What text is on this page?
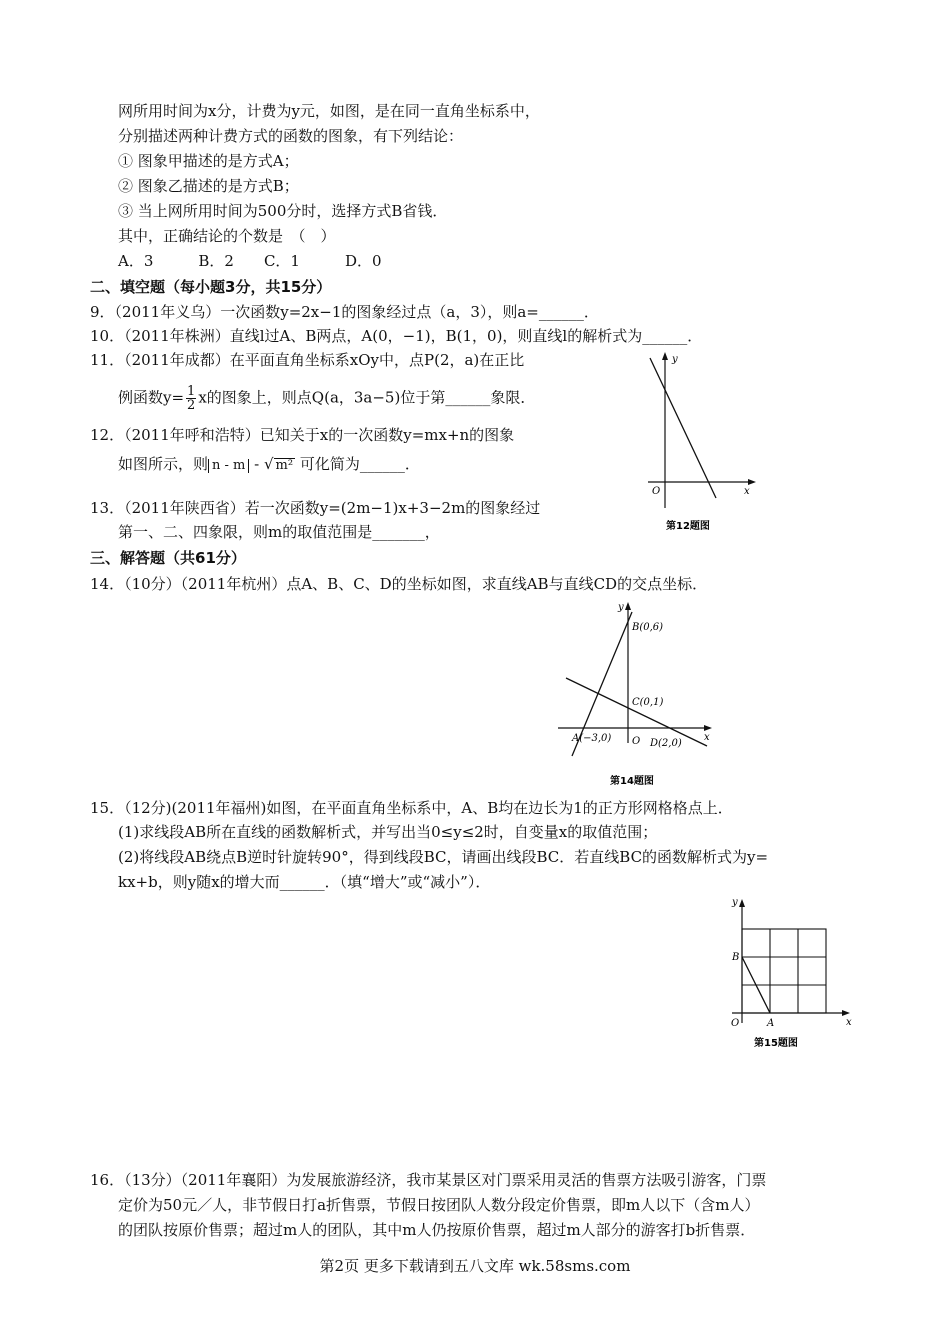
网所用时间为x分，计费为y元，如图，是在同一直角坐标系中，
分别描述两种计费方式的函数的图象，有下列结论：
① 图象甲描述的是方式A；
② 图象乙描述的是方式B；
③ 当上网所用时间为500分时，选择方式B省钱．
其中，正确结论的个数是　（　）
A．3　　　B．2　　C．1　　　D．0
二、填空题（每小题3分，共15分）
9．（2011年义乌）一次函数y=2x−1的图象经过点（a，3），则a=______．
10．（2011年株洲）直线l过A、B两点，A(0，−1)，B(1，0)，则直线l的解析式为______．
11．（2011年成都）在平面直角坐标系xOy中，点P(2，a)在正比
例函数$y= \frac{1}{2}$ x的图象上，则点Q(a，3a−5)位于第______象限．
12．（2011年呼和浩特）已知关于x的一次函数y=mx+n的图象
如图所示，则 n - m - √ m² 可化简为______．
13．（2011年陕西省）若一次函数y=(2m−1)x+3−2m的图象经过
第一、二、四象限，则m的取值范围是_______，
三、解答题（共61分）
14．（10分）（2011年杭州）点A、B、C、D的坐标如图，求直线AB与直线CD的交点坐标．
15．（12分)(2011年福州)如图，在平面直角坐标系中，A、B均在边长为1的正方形网格格点上．
(1)求线段AB所在直线的函数解析式，并写出当0≤y≤2时，自变量x的取值范围；
(2)将线段AB绕点B逆时针旋转90°，得到线段BC，请画出线段BC．若直线BC的函数解析式为y=
kx+b，则y随x的增大而______．（填“增大”或“减小”）．
16．（13分）（2011年襄阳）为发展旅游经济，我市某景区对门票采用灵活的售票方法吸引游客，门票
定价为50元／人，非节假日打a折售票，节假日按团队人数分段定价售票，即m人以下（含m人）
的团队按原价售票；超过m人的团队，其中m人仍按原价售票，超过m人部分的游客打b折售票．
y
x
O
第12题图
y
x
O
B(0,6)
C(0,1)
A(−3,0)	D(2,0)
第14题图
y
x
O	A
B
第15题图
第2页 更多下载请到五八文库 wk.58sms.com
